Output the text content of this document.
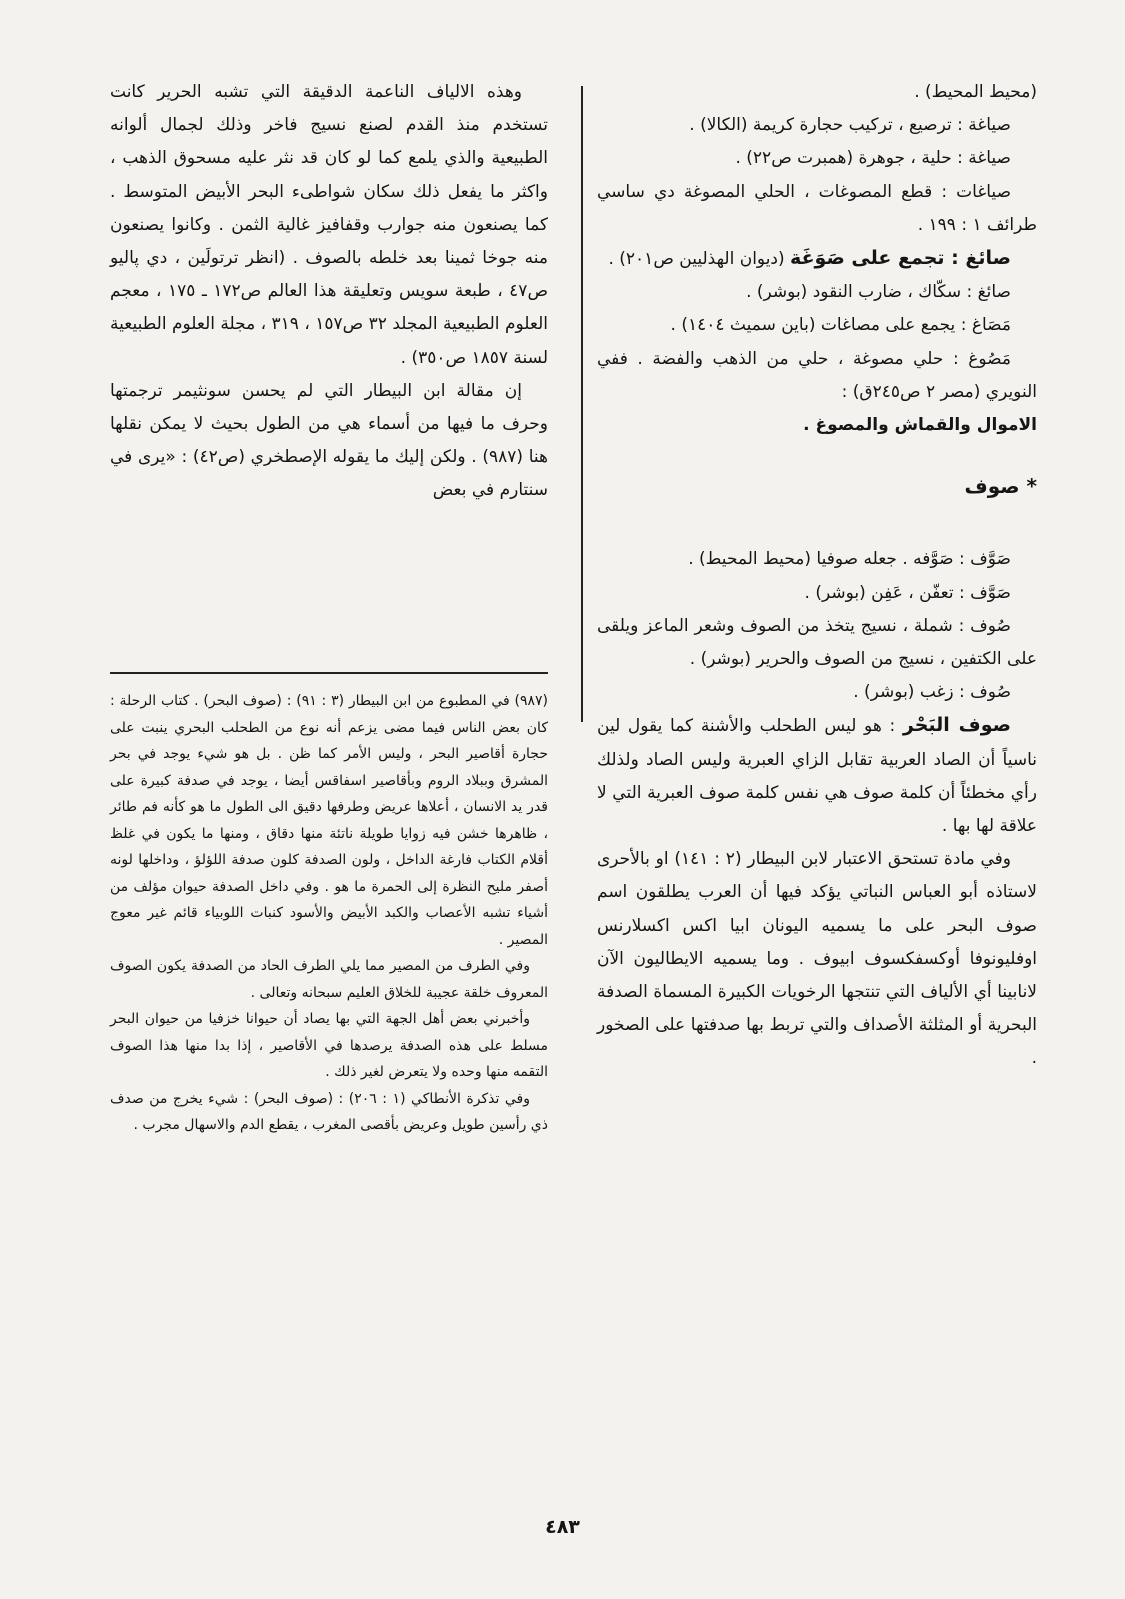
(محيط المحيط) .

صياغة : ترصيع ، تركيب حجارة كريمة (الكالا) .

صياغة : حلية ، جوهرة (همبرت ص٢٢) .

صياغات : قطع المصوغات ، الحلي المصوغة دي ساسي طرائف ١ : ١٩٩ .

صائغ : تجمع على صَوَغَة (ديوان الهذليين ص٢٠١) .

صائغ : سكّاك ، ضارب النقود (بوشر) .

مَصَاغ : يجمع على مصاغات (باين سميث ١٤٠٤) .

مَصُوغ : حلي مصوغة ، حلي من الذهب والفضة . ففي النويري (مصر ٢ ص٢٤٥ق) :

الاموال والقماش والمصوغ .

* صوف

صَوَّف : صَوَّفه . جعله صوفيا (محيط المحيط) .

صَوَّف : تعفّن ، عَفِن (بوشر) .

صُوف : شملة ، نسيج يتخذ من الصوف وشعر الماعز ويلقى على الكتفين ، نسيج من الصوف والحرير (بوشر) .

صُوف : زغب (بوشر) .

صوف البَحْر : هو ليس الطحلب والأشنة كما يقول لين ناسياً أن الصاد العربية تقابل الزاي العبرية وليس الصاد ولذلك رأي مخطئاً أن كلمة صوف هي نفس كلمة صوف العبرية التي لا علاقة لها بها .

وفي مادة تستحق الاعتبار لابن البيطار (٢ : ١٤١) او بالأحرى لاستاذه أبو العباس النباتي يؤكد فيها أن العرب يطلقون اسم صوف البحر على ما يسميه اليونان ابيا اكس اكسلارنس اوفليونوفا أوكسفكسوف ابيوف . وما يسميه الايطاليون الآن لانابينا أي الألياف التي تنتجها الرخويات الكبيرة المسماة الصدفة البحرية أو المثلثة الأصداف والتي تربط بها صدفتها على الصخور .

وهذه الالياف الناعمة الدقيقة التي تشبه الحرير كانت تستخدم منذ القدم لصنع نسيج فاخر وذلك لجمال ألوانه الطبيعية والذي يلمع كما لو كان قد نثر عليه مسحوق الذهب ، واكثر ما يفعل ذلك سكان شواطىء البحر الأبيض المتوسط . كما يصنعون منه جوارب وقفافيز غالية الثمن . وكانوا يصنعون منه جوخا ثمينا بعد خلطه بالصوف . (انظر ترتولَين ، دي پاليو ص٤٧ ، طبعة سويس وتعليقة هذا العالم ص١٧٢ ـ ١٧٥ ، معجم العلوم الطبيعية المجلد ٣٢ ص١٥٧ ، ٣١٩ ، مجلة العلوم الطبيعية لسنة ١٨٥٧ ص٣٥٠) .

إن مقالة ابن البيطار التي لم يحسن سونثيمر ترجمتها وحرف ما فيها من أسماء هي من الطول بحيث لا يمكن نقلها هنا (٩٨٧) . ولكن إليك ما يقوله الإصطخري (ص٤٢) : «يرى في سنتارم في بعض

(٩٨٧) في المطبوع من ابن البيطار (٣ : ٩١) : (صوف البحر) . كتاب الرحلة : كان بعض الناس فيما مضى يزعم أنه نوع من الطحلب البحري ينبت على حجارة أقاصير البحر ، وليس الأمر كما ظن . بل هو شيء يوجد في بحر المشرق وببلاد الروم وبأقاصير اسفاقس أيضا ، يوجد في صدفة كبيرة على قدر يد الانسان ، أعلاها عريض وطرفها دقيق الى الطول ما هو كأنه فم طائر ، ظاهرها خشن فيه زوايا طويلة ناتئة منها دقاق ، ومنها ما يكون في غلظ أقلام الكتاب فارغة الداخل ، ولون الصدفة كلون صدفة اللؤلؤ ، وداخلها لونه أصفر مليح النظرة إلى الحمرة ما هو . وفي داخل الصدفة حيوان مؤلف من أشياء تشبه الأعصاب والكبد الأبيض والأسود كنبات اللوبياء قائم غير معوج المصير .

وفي الطرف من المصير مما يلي الطرف الحاد من الصدفة يكون الصوف المعروف خلقة عجيبة للخلاق العليم سبحانه وتعالى .

وأخبرني بعض أهل الجهة التي بها يصاد أن حيوانا خزفيا من حيوان البحر مسلط على هذه الصدفة يرصدها في الأقاصير ، إذا بدا منها هذا الصوف التقمه منها وحده ولا يتعرض لغير ذلك .

وفي تذكرة الأنطاكي (١ : ٢٠٦) : (صوف البحر) : شيء يخرج من صدف ذي رأسين طويل وعريض بأقصى المغرب ، يقطع الدم والاسهال مجرب .

٤٨٣
